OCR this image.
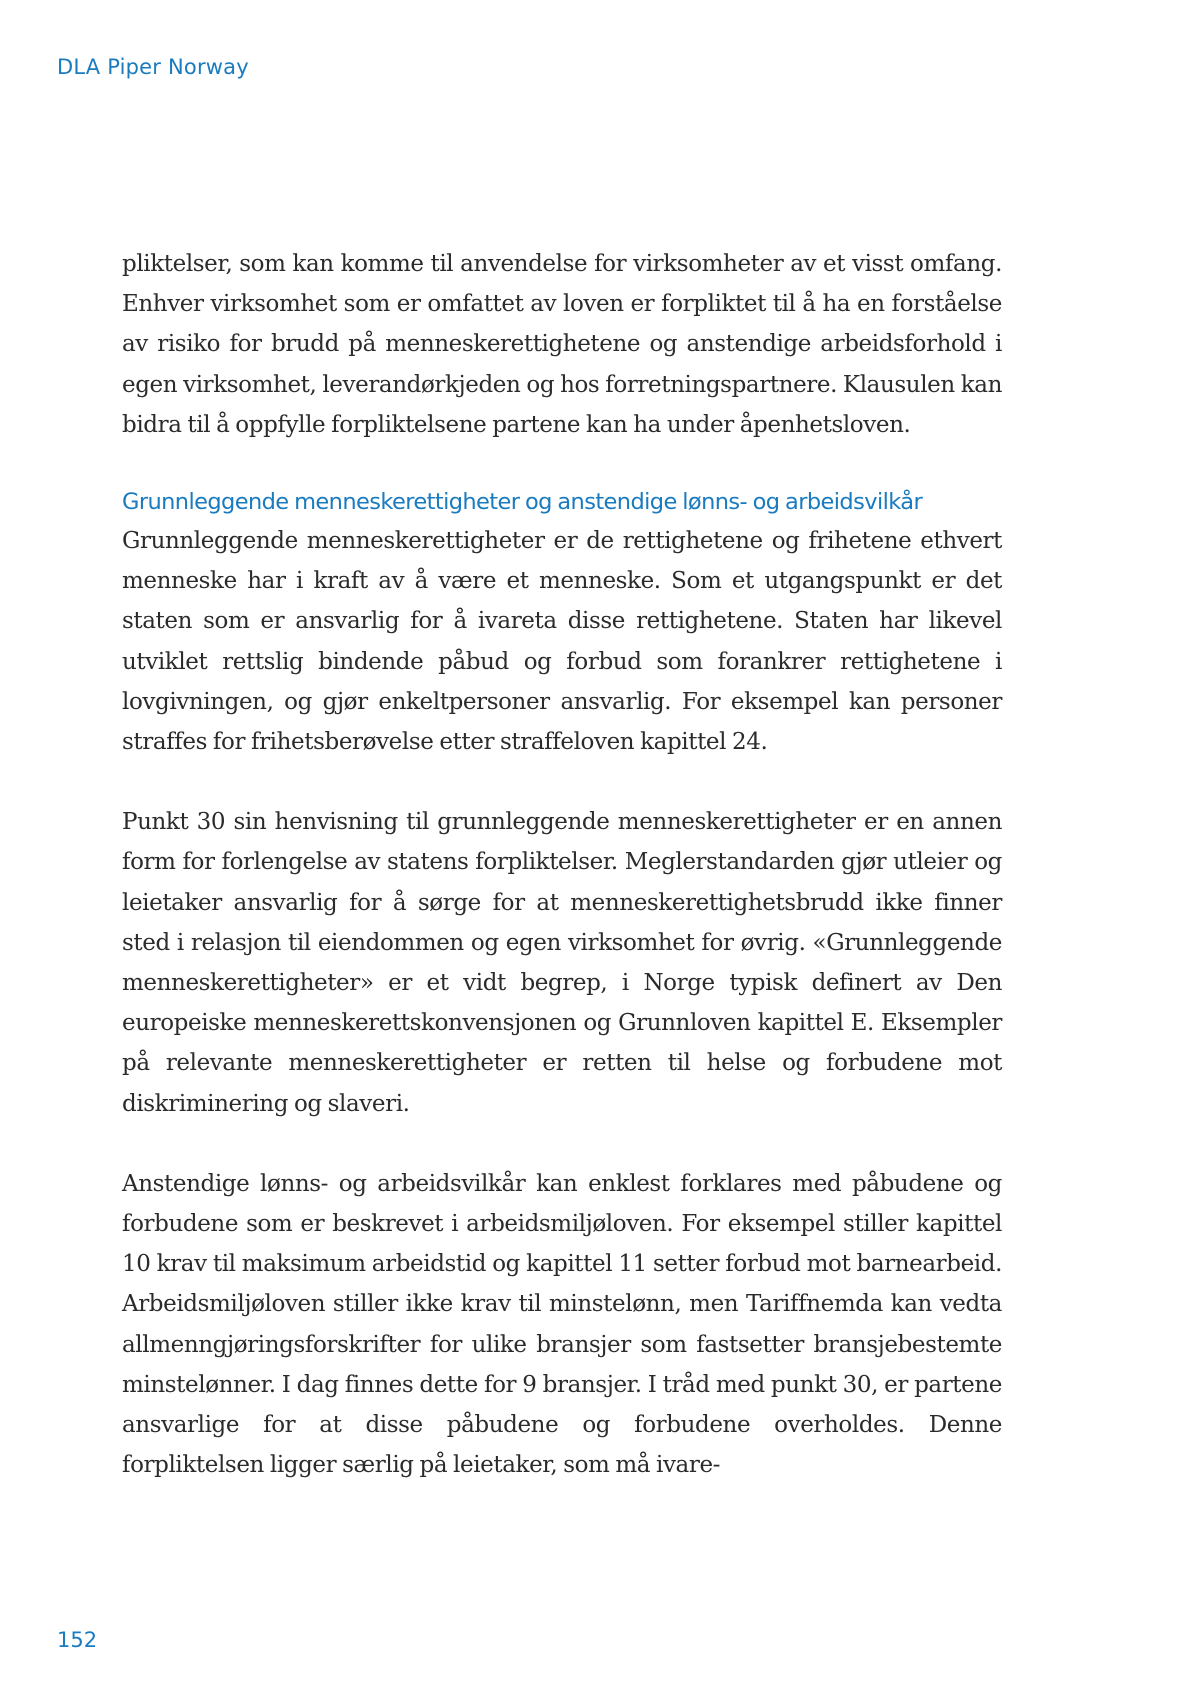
DLA Piper Norway

pliktelser, som kan komme til anvendelse for virksomheter av et visst omfang. Enhver virksomhet som er omfattet av loven er forpliktet til å ha en forståelse av risiko for brudd på menneskerettighetene og anstendige arbeidsforhold i egen virksomhet, leverandørkjeden og hos forretningspartnere. Klausulen kan bidra til å oppfylle forpliktelsene partene kan ha under åpenhetsloven.

Grunnleggende menneskerettigheter og anstendige lønns- og arbeidsvilkår

Grunnleggende menneskerettigheter er de rettighetene og frihetene ethvert menneske har i kraft av å være et menneske. Som et utgangspunkt er det staten som er ansvarlig for å ivareta disse rettighetene. Staten har likevel utviklet rettslig bindende påbud og forbud som forankrer rettighetene i lovgivningen, og gjør enkeltpersoner ansvarlig. For eksempel kan personer straffes for frihetsberøvelse etter straffeloven kapittel 24.

Punkt 30 sin henvisning til grunnleggende menneskerettigheter er en annen form for forlengelse av statens forpliktelser. Meglerstandarden gjør utleier og leietaker ansvarlig for å sørge for at menneskerettighetsbrudd ikke finner sted i relasjon til eiendommen og egen virksomhet for øvrig. «Grunnleggende menneskerettigheter» er et vidt begrep, i Norge typisk definert av Den europeiske menneskerettskonvensjonen og Grunnloven kapittel E. Eksempler på relevante menneskerettigheter er retten til helse og forbudene mot diskriminering og slaveri.

Anstendige lønns- og arbeidsvilkår kan enklest forklares med påbudene og forbudene som er beskrevet i arbeidsmiljøloven. For eksempel stiller kapittel 10 krav til maksimum arbeidstid og kapittel 11 setter forbud mot barnearbeid. Arbeidsmiljøloven stiller ikke krav til minstelønn, men Tariffnemda kan vedta allmenngjøringsforskrifter for ulike bransjer som fastsetter bransjebestemte minstelønner. I dag finnes dette for 9 bransjer. I tråd med punkt 30, er partene ansvarlige for at disse påbudene og forbudene overholdes. Denne forpliktelsen ligger særlig på leietaker, som må ivare-

152
